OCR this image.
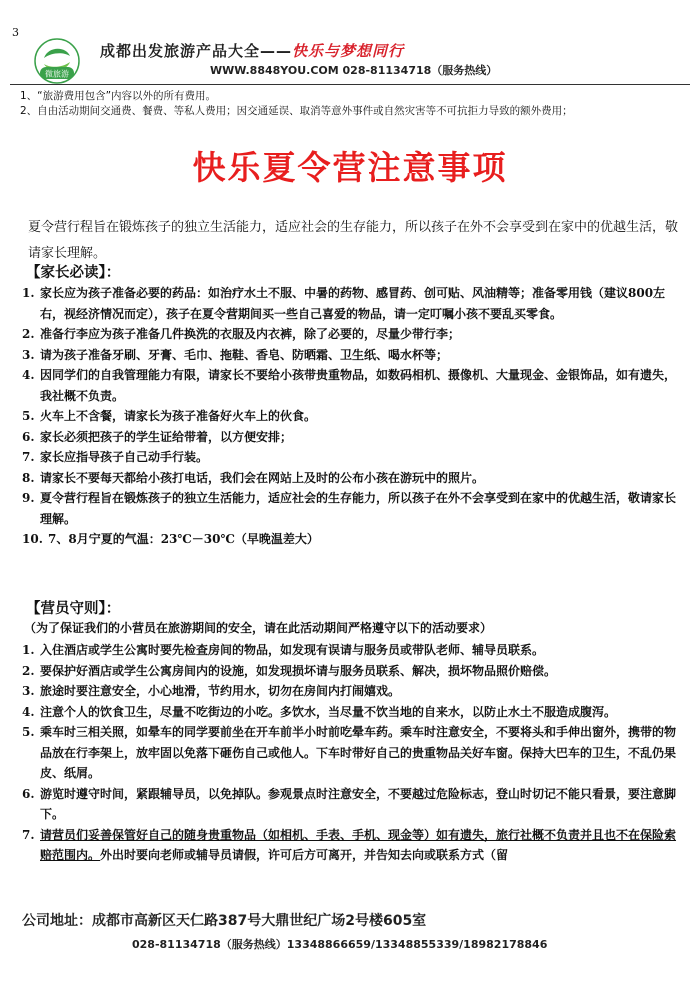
3
微旅游
成都出发旅游产品大全——快乐与梦想同行
WWW.8848YOU.COM 028-81134718（服务热线）
1、“旅游费用包含”内容以外的所有费用。
2、自由活动期间交通费、餐费、等私人费用；因交通延误、取消等意外事件或自然灾害等不可抗拒力导致的额外费用；
快乐夏令营注意事项
夏令营行程旨在锻炼孩子的独立生活能力，适应社会的生存能力，所以孩子在外不会享受到在家中的优越生活，敬请家长理解。
【家长必读】：
1. 家长应为孩子准备必要的药品：如治疗水土不服、中暑的药物、感冒药、创可贴、风油精等；准备零用钱（建议800左右，视经济情况而定），孩子在夏令营期间买一些自己喜爱的物品，请一定叮嘱小孩不要乱买零食。
2. 准备行李应为孩子准备几件换洗的衣服及内衣裤，除了必要的，尽量少带行李；
3. 请为孩子准备牙刷、牙膏、毛巾、拖鞋、香皂、防晒霜、卫生纸、喝水杯等；
4. 因同学们的自我管理能力有限，请家长不要给小孩带贵重物品，如数码相机、摄像机、大量现金、金银饰品，如有遗失，我社概不负责。
5. 火车上不含餐，请家长为孩子准备好火车上的伙食。
6. 家长必须把孩子的学生证给带着，以方便安排；
7. 家长应指导孩子自己动手行装。
8. 请家长不要每天都给小孩打电话，我们会在网站上及时的公布小孩在游玩中的照片。
9. 夏令营行程旨在锻炼孩子的独立生活能力，适应社会的生存能力，所以孩子在外不会享受到在家中的优越生活，敬请家长理解。
10. 7、8月宁夏的气温：23℃－30℃（早晚温差大）
【营员守则】：
（为了保证我们的小营员在旅游期间的安全，请在此活动期间严格遵守以下的活动要求）
1. 入住酒店或学生公寓时要先检查房间的物品，如发现有误请与服务员或带队老师、辅导员联系。
2. 要保护好酒店或学生公寓房间内的设施，如发现损坏请与服务员联系、解决，损坏物品照价赔偿。
3. 旅途时要注意安全，小心地滑，节约用水，切勿在房间内打闹嬉戏。
4. 注意个人的饮食卫生，尽量不吃街边的小吃。多饮水，当尽量不饮当地的自来水，以防止水土不服造成腹泻。
5. 乘车时三相关照，如晕车的同学要前坐在开车前半小时前吃晕车药。乘车时注意安全，不要将头和手伸出窗外，携带的物品放在行李架上，放牢固以免落下砸伤自己或他人。下车时带好自己的贵重物品关好车窗。保持大巴车的卫生，不乱仍果皮、纸屑。
6. 游览时遵守时间，紧跟辅导员，以免掉队。参观景点时注意安全，不要越过危险标志，登山时切记不能只看景，要注意脚下。
7. 请营员们妥善保管好自己的随身贵重物品（如相机、手表、手机、现金等）如有遗失，旅行社概不负责并且也不在保险索赔范围内。外出时要向老师或辅导员请假，许可后方可离开，并告知去向或联系方式（留
公司地址：成都市高新区天仁路387号大鼎世纪广场2号楼605室
028-81134718（服务热线）13348866659/13348855339/18982178846
